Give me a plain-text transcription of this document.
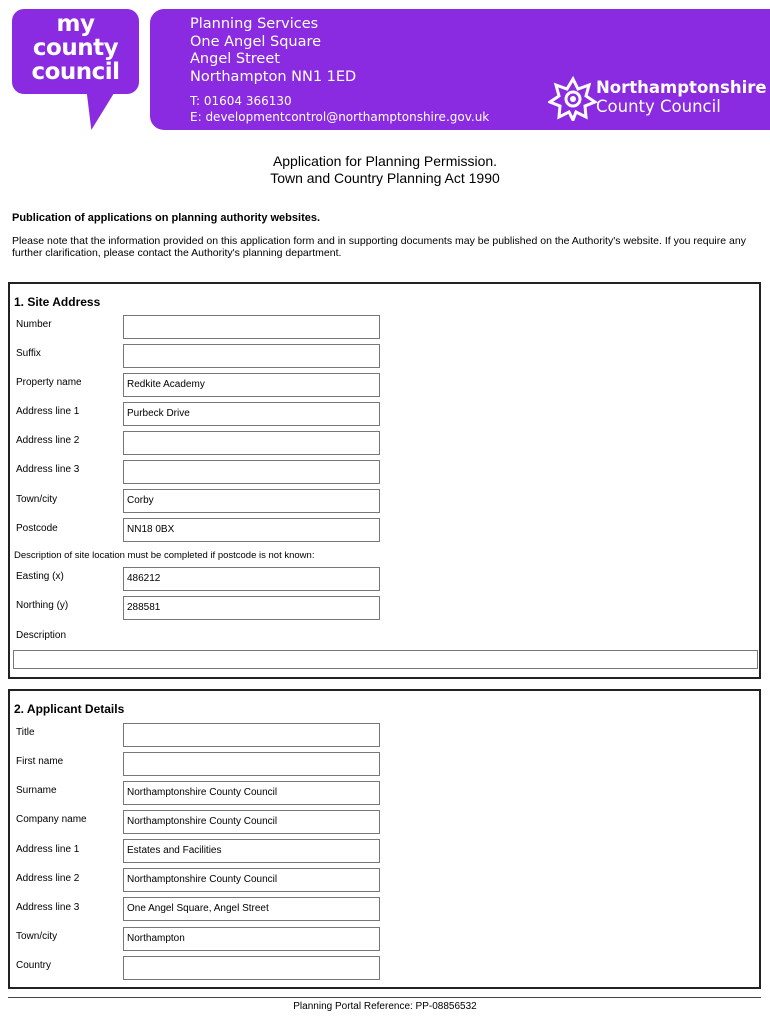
my
county
council
Planning Services
One Angel Square
Angel Street
Northampton NN1 1ED
T: 01604 366130
E: developmentcontrol@northamptonshire.gov.uk
Northamptonshire
County Council
Application for Planning Permission.
Town and Country Planning Act 1990
Publication of applications on planning authority websites.
Please note that the information provided on this application form and in supporting documents may be published on the Authority's website. If you require any further clarification, please contact the Authority's planning department.
1. Site Address
Number
Suffix
Property name	Redkite Academy
Address line 1	Purbeck Drive
Address line 2
Address line 3
Town/city	Corby
Postcode	NN18 0BX
Description of site location must be completed if postcode is not known:
Easting (x)	486212
Northing (y)	288581
Description
2. Applicant Details
Title
First name
Surname	Northamptonshire County Council
Company name	Northamptonshire County Council
Address line 1	Estates and Facilities
Address line 2	Northamptonshire County Council
Address line 3	One Angel Square, Angel Street
Town/city	Northampton
Country
Planning Portal Reference: PP-08856532
